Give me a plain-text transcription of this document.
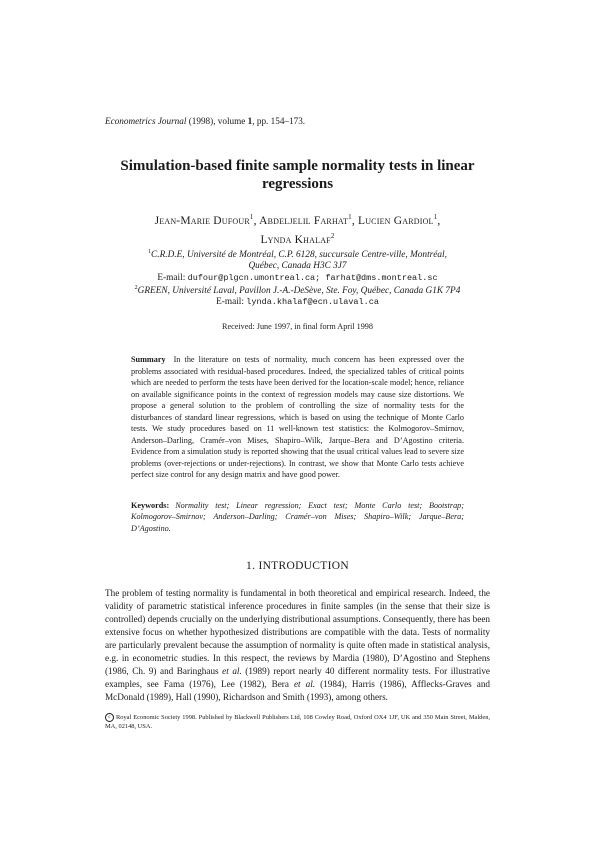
Econometrics Journal (1998), volume 1, pp. 154–173.
Simulation-based finite sample normality tests in linear regressions
Jean-Marie Dufour$^1$, Abdeljelil Farhat$^1$, Lucien Gardiol$^1$,
Lynda Khalaf$^2$
$^1$C.R.D.E, Université de Montréal, C.P. 6128, succursale Centre-ville, Montréal,
Québec, Canada H3C 3J7
E-mail: dufour@plgcn.umontreal.ca; farhat@dms.montreal.sc
$^2$GREEN, Université Laval, Pavillon J.-A.-DeSève, Ste. Foy, Québec, Canada G1K 7P4
E-mail: lynda.khalaf@ecn.ulaval.ca
Received: June 1997, in final form April 1998
Summary In the literature on tests of normality, much concern has been expressed over the problems associated with residual-based procedures. Indeed, the specialized tables of critical points which are needed to perform the tests have been derived for the location-scale model; hence, reliance on available significance points in the context of regression models may cause size distortions. We propose a general solution to the problem of controlling the size of normality tests for the disturbances of standard linear regressions, which is based on using the technique of Monte Carlo tests. We study procedures based on 11 well-known test statistics: the Kolmogorov–Smirnov, Anderson–Darling, Cramér–von Mises, Shapiro–Wilk, Jarque–Bera and D’Agostino criteria. Evidence from a simulation study is reported showing that the usual critical values lead to severe size problems (over-rejections or under-rejections). In contrast, we show that Monte Carlo tests achieve perfect size control for any design matrix and have good power.
Keywords: Normality test; Linear regression; Exact test; Monte Carlo test; Bootstrap; Kolmogorov–Smirnov; Anderson–Darling; Cramér–von Mises; Shapiro–Wilk; Jarque–Bera; D’Agostino.
1. INTRODUCTION
The problem of testing normality is fundamental in both theoretical and empirical research. Indeed, the validity of parametric statistical inference procedures in finite samples (in the sense that their size is controlled) depends crucially on the underlying distributional assumptions. Consequently, there has been extensive focus on whether hypothesized distributions are compatible with the data. Tests of normality are particularly prevalent because the assumption of normality is quite often made in statistical analysis, e.g. in econometric studies. In this respect, the reviews by Mardia (1980), D’Agostino and Stephens (1986, Ch. 9) and Baringhaus et al. (1989) report nearly 40 different normality tests. For illustrative examples, see Fama (1976), Lee (1982), Bera et al. (1984), Harris (1986), Afflecks-Graves and McDonald (1989), Hall (1990), Richardson and Smith (1993), among others.
c Royal Economic Society 1998. Published by Blackwell Publishers Ltd, 108 Cowley Road, Oxford OX4 1JF, UK and 350 Main Street, Malden, MA, 02148, USA.
